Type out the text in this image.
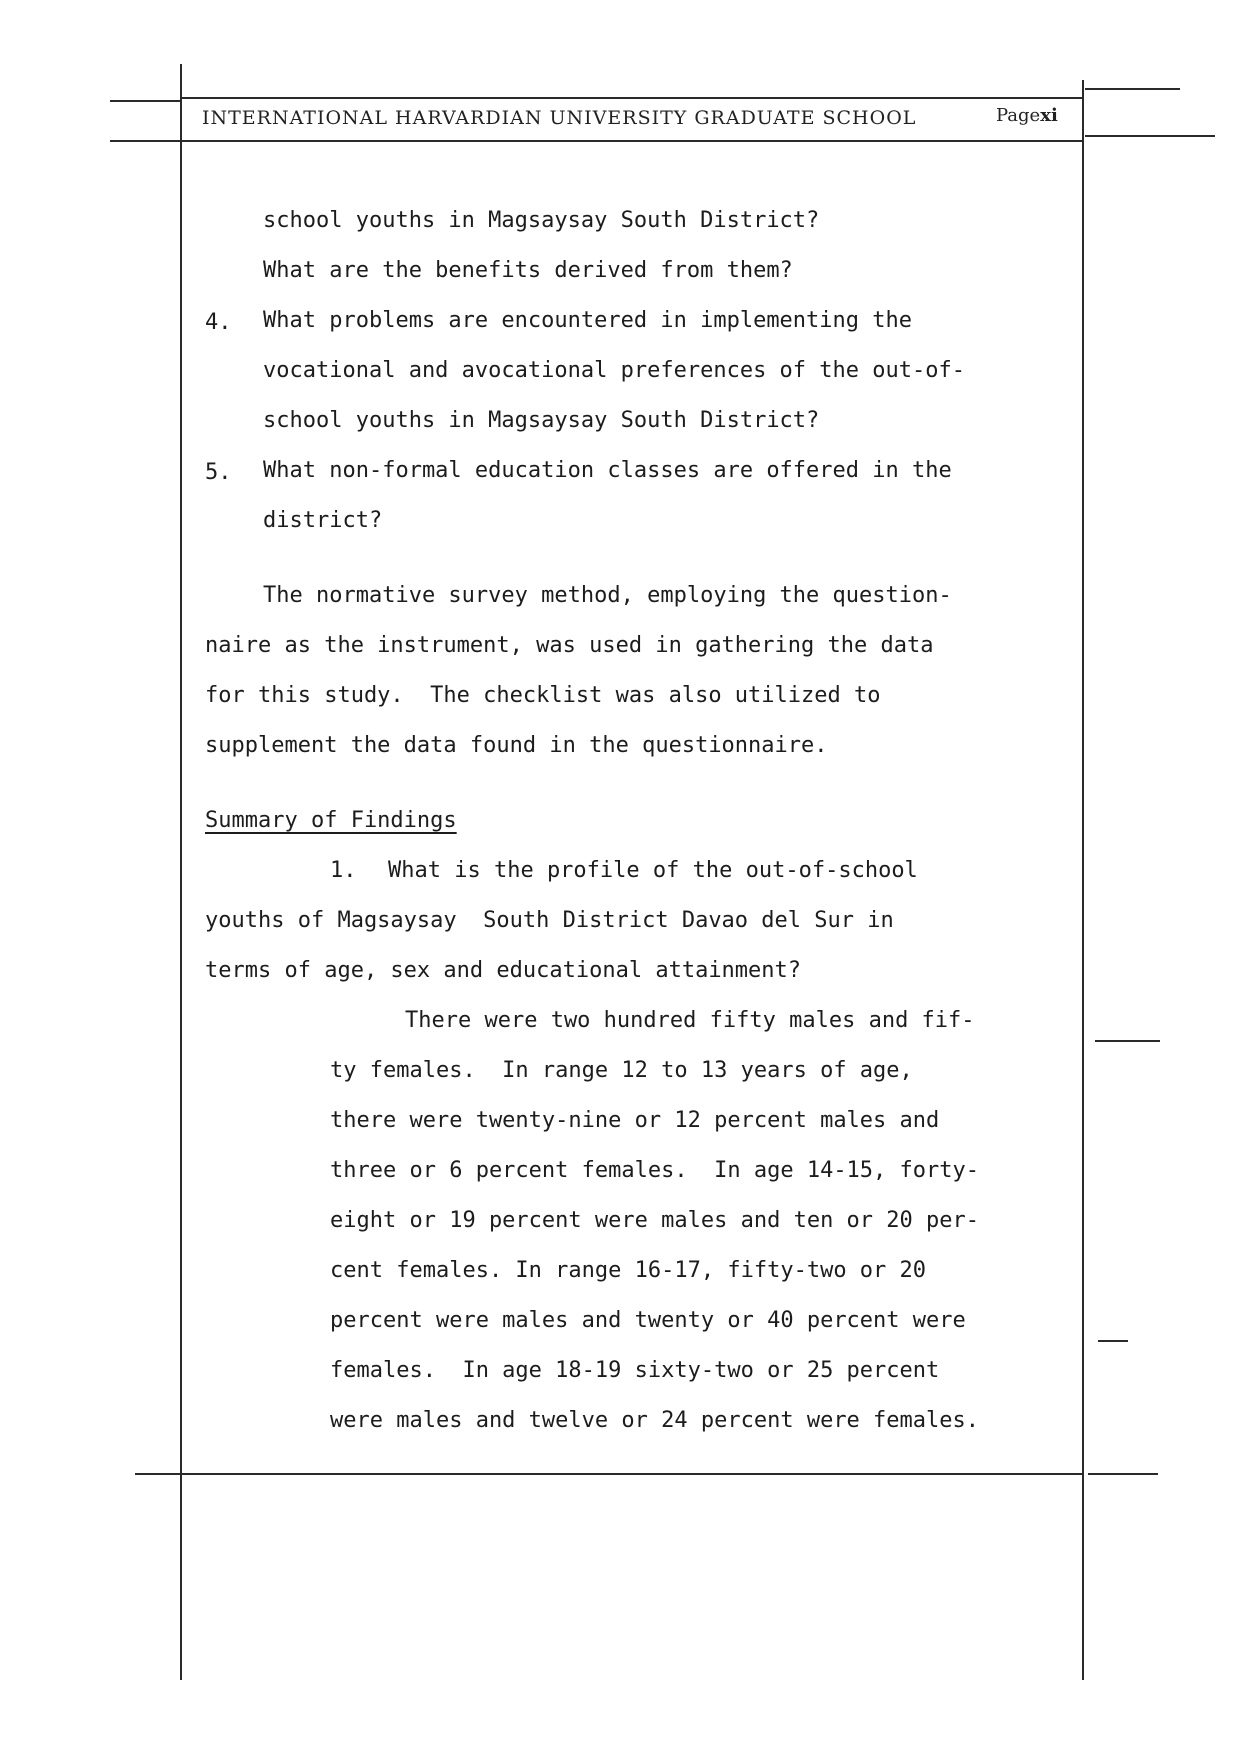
INTERNATIONAL HARVARDIAN UNIVERSITY GRADUATE SCHOOL	Pagexi
school youths in Magsaysay South District?
What are the benefits derived from them?
4. What problems are encountered in implementing the
vocational and avocational preferences of the out-of-
school youths in Magsaysay South District?
5. What non-formal education classes are offered in the
district?
The normative survey method, employing the question-
naire as the instrument, was used in gathering the data
for this study.  The checklist was also utilized to
supplement the data found in the questionnaire.
Summary of Findings
1. What is the profile of the out-of-school
youths of Magsaysay  South District Davao del Sur in
terms of age, sex and educational attainment?
There were two hundred fifty males and fif-
ty females.  In range 12 to 13 years of age,
there were twenty-nine or 12 percent males and
three or 6 percent females.  In age 14-15, forty-
eight or 19 percent were males and ten or 20 per-
cent females. In range 16-17, fifty-two or 20
percent were males and twenty or 40 percent were
females.  In age 18-19 sixty-two or 25 percent
were males and twelve or 24 percent were females.
